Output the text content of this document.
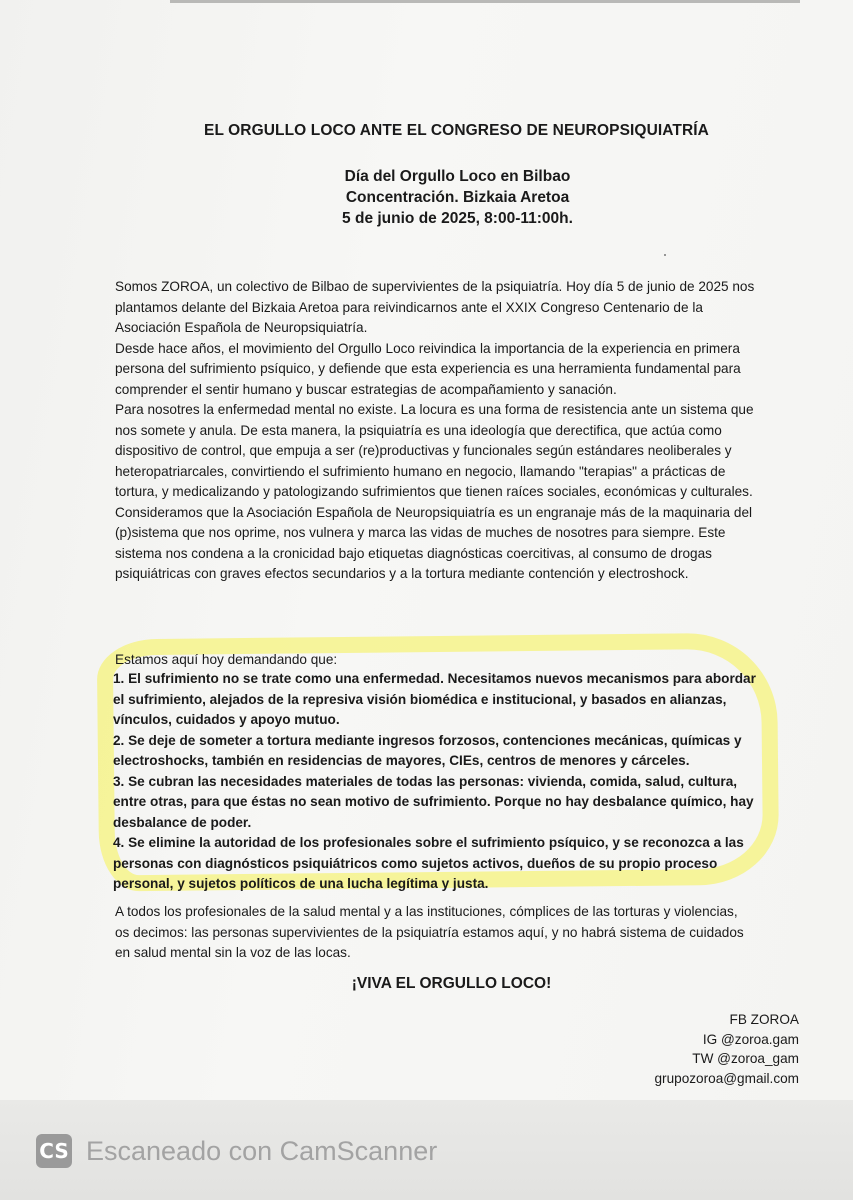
EL ORGULLO LOCO ANTE EL CONGRESO DE NEUROPSIQUIATRÍA
Día del Orgullo Loco en Bilbao
Concentración. Bizkaia Aretoa
5 de junio de 2025, 8:00-11:00h.

Somos ZOROA, un colectivo de Bilbao de supervivientes de la psiquiatría. Hoy día 5 de junio de 2025 nos plantamos delante del Bizkaia Aretoa para reivindicarnos ante el XXIX Congreso Centenario de la Asociación Española de Neuropsiquiatría.

Desde hace años, el movimiento del Orgullo Loco reivindica la importancia de la experiencia en primera persona del sufrimiento psíquico, y defiende que esta experiencia es una herramienta fundamental para comprender el sentir humano y buscar estrategias de acompañamiento y sanación.

Para nosotres la enfermedad mental no existe. La locura es una forma de resistencia ante un sistema que nos somete y anula. De esta manera, la psiquiatría es una ideología que derectifica, que actúa como dispositivo de control, que empuja a ser (re)productivas y funcionales según estándares neoliberales y heteropatriarcales, convirtiendo el sufrimiento humano en negocio, llamando "terapias" a prácticas de tortura, y medicalizando y patologizando sufrimientos que tienen raíces sociales, económicas y culturales.

Consideramos que la Asociación Española de Neuropsiquiatría es un engranaje más de la maquinaria del (p)sistema que nos oprime, nos vulnera y marca las vidas de muches de nosotres para siempre. Este sistema nos condena a la cronicidad bajo etiquetas diagnósticas coercitivas, al consumo de drogas psiquiátricas con graves efectos secundarios y a la tortura mediante contención y electroshock.

Estamos aquí hoy demandando que:

1. El sufrimiento no se trate como una enfermedad. Necesitamos nuevos mecanismos para abordar el sufrimiento, alejados de la represiva visión biomédica e institucional, y basados en alianzas, vínculos, cuidados y apoyo mutuo.

2. Se deje de someter a tortura mediante ingresos forzosos, contenciones mecánicas, químicas y electroshocks, también en residencias de mayores, CIEs, centros de menores y cárceles.

3. Se cubran las necesidades materiales de todas las personas: vivienda, comida, salud, cultura, entre otras, para que éstas no sean motivo de sufrimiento. Porque no hay desbalance químico, hay desbalance de poder.

4. Se elimine la autoridad de los profesionales sobre el sufrimiento psíquico, y se reconozca a las personas con diagnósticos psiquiátricos como sujetos activos, dueños de su propio proceso personal, y sujetos políticos de una lucha legítima y justa.

A todos los profesionales de la salud mental y a las instituciones, cómplices de las torturas y violencias, os decimos: las personas supervivientes de la psiquiatría estamos aquí, y no habrá sistema de cuidados en salud mental sin la voz de las locas.
¡VIVA EL ORGULLO LOCO!
FB ZOROA
IG @zoroa.gam
TW @zoroa_gam
grupozoroa@gmail.com
CS Escaneado con CamScanner
